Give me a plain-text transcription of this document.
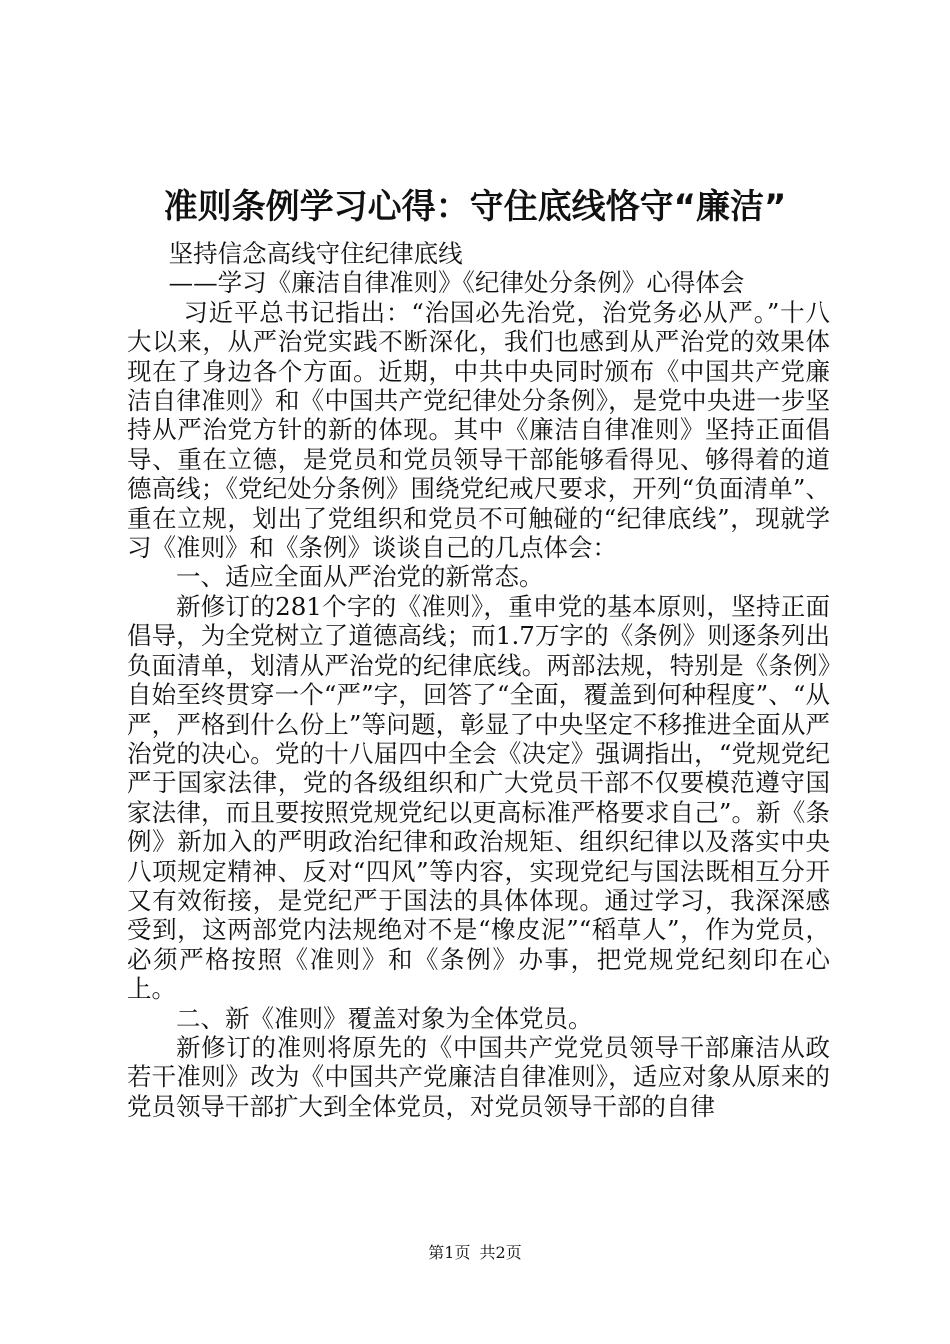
准则条例学习心得：守住底线恪守“廉洁”

坚持信念高线守住纪律底线

——学习《廉洁自律准则》《纪律处分条例》心得体会

习近平总书记指出：“治国必先治党，治党务必从严。”十八大以来，从严治党实践不断深化，我们也感到从严治党的效果体现在了身边各个方面。近期，中共中央同时颁布《中国共产党廉洁自律准则》和《中国共产党纪律处分条例》，是党中央进一步坚持从严治党方针的新的体现。其中《廉洁自律准则》坚持正面倡导、重在立德，是党员和党员领导干部能够看得见、够得着的道德高线；《党纪处分条例》围绕党纪戒尺要求，开列“负面清单”、重在立规，划出了党组织和党员不可触碰的“纪律底线”，现就学习《准则》和《条例》谈谈自己的几点体会：

一、适应全面从严治党的新常态。

新修订的281个字的《准则》，重申党的基本原则，坚持正面倡导，为全党树立了道德高线；而1.7万字的《条例》则逐条列出负面清单，划清从严治党的纪律底线。两部法规，特别是《条例》自始至终贯穿一个“严”字，回答了“全面，覆盖到何种程度”、“从严，严格到什么份上”等问题，彰显了中央坚定不移推进全面从严治党的决心。党的十八届四中全会《决定》强调指出，“党规党纪严于国家法律，党的各级组织和广大党员干部不仅要模范遵守国家法律，而且要按照党规党纪以更高标准严格要求自己”。新《条例》新加入的严明政治纪律和政治规矩、组织纪律以及落实中央八项规定精神、反对“四风”等内容，实现党纪与国法既相互分开又有效衔接，是党纪严于国法的具体体现。通过学习，我深深感受到，这两部党内法规绝对不是“橡皮泥”“稻草人”，作为党员，必须严格按照《准则》和《条例》办事，把党规党纪刻印在心上。

二、新《准则》覆盖对象为全体党员。

新修订的准则将原先的《中国共产党党员领导干部廉洁从政若干准则》改为《中国共产党廉洁自律准则》，适应对象从原来的党员领导干部扩大到全体党员，对党员领导干部的自律

第1页 共2页
